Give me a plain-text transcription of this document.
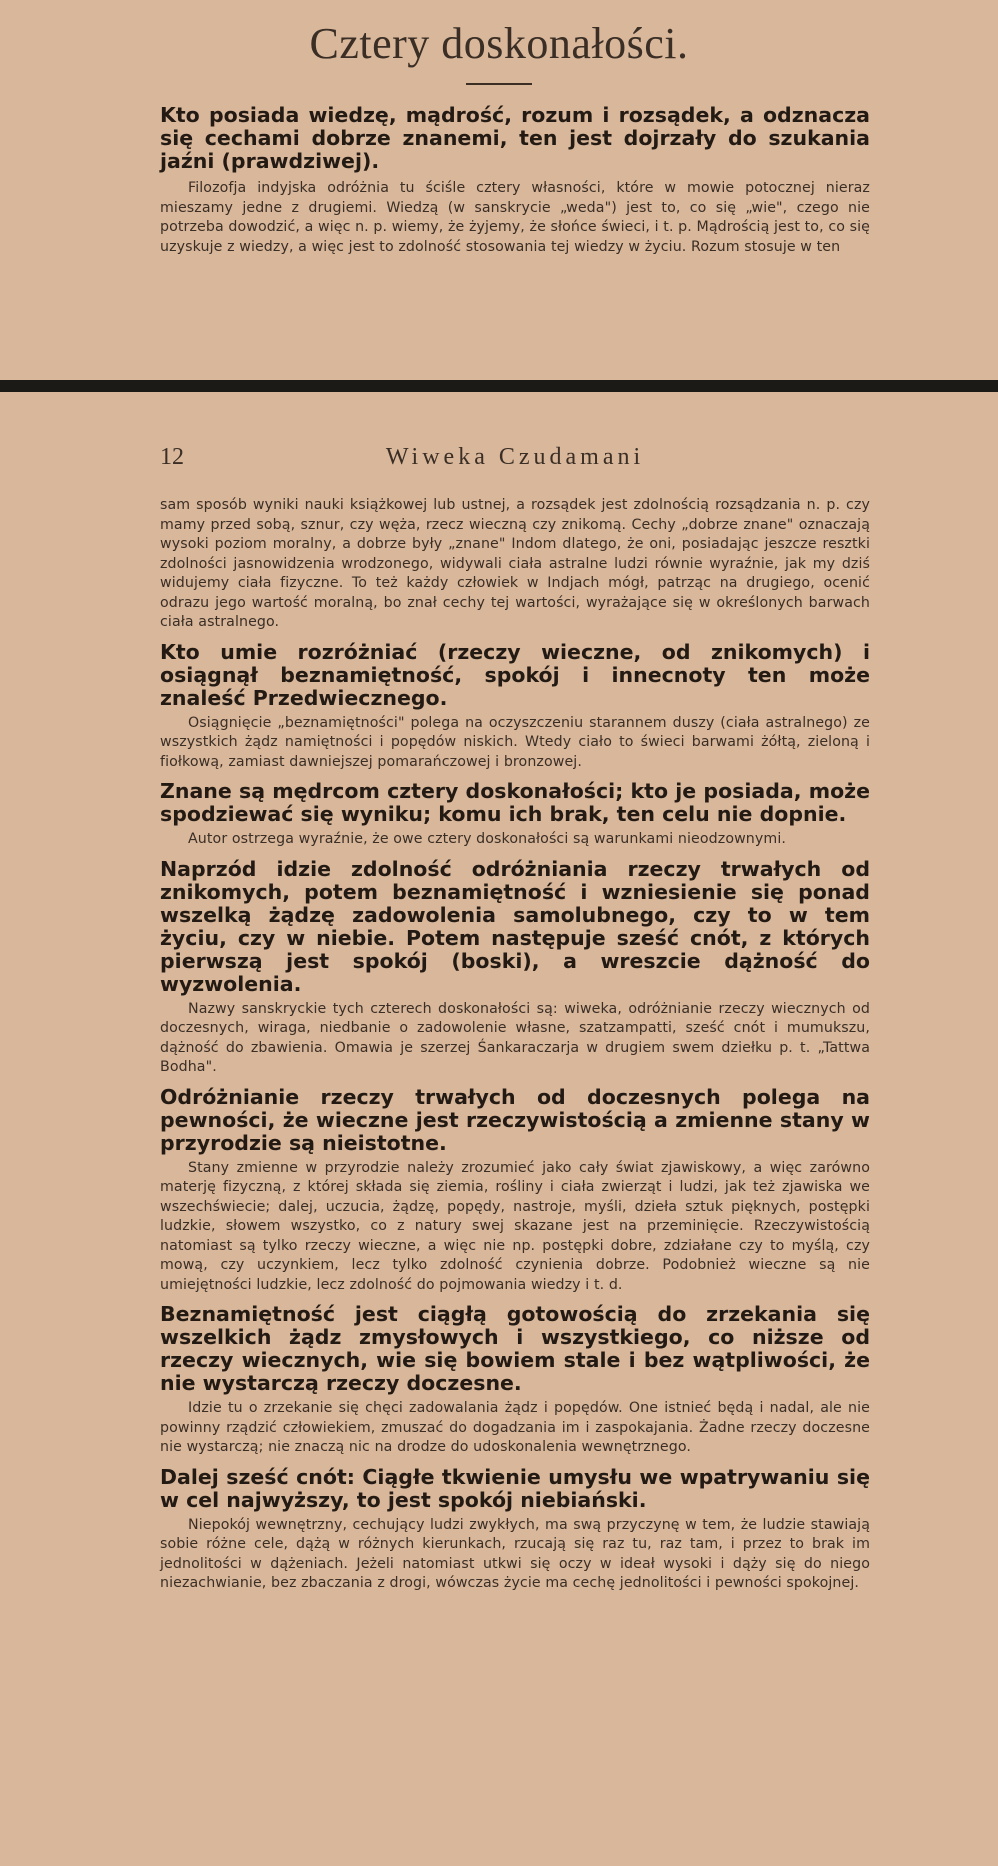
Cztery doskonałości.

Kto posiada wiedzę, mądrość, rozum i rozsądek, a odznacza się cechami dobrze znanemi, ten jest dojrzały do szukania jaźni (prawdziwej).

Filozofja indyjska odróżnia tu ściśle cztery własności, które w mowie potocznej nieraz mieszamy jedne z drugiemi. Wiedzą (w sanskrycie „weda") jest to, co się „wie", czego nie potrzeba dowodzić, a więc n. p. wiemy, że żyjemy, że słońce świeci, i t. p. Mądrością jest to, co się uzyskuje z wiedzy, a więc jest to zdolność stosowania tej wiedzy w życiu. Rozum stosuje w ten

12	Wiweka Czudamani

sam sposób wyniki nauki książkowej lub ustnej, a rozsądek jest zdolnością rozsądzania n. p. czy mamy przed sobą, sznur, czy węża, rzecz wieczną czy znikomą. Cechy „dobrze znane" oznaczają wysoki poziom moralny, a dobrze były „znane" Indom dlatego, że oni, posiadając jeszcze resztki zdolności jasnowidzenia wrodzonego, widywali ciała astralne ludzi równie wyraźnie, jak my dziś widujemy ciała fizyczne. To też każdy człowiek w Indjach mógł, patrząc na drugiego, ocenić odrazu jego wartość moralną, bo znał cechy tej wartości, wyrażające się w określonych barwach ciała astralnego.

Kto umie rozróżniać (rzeczy wieczne, od znikomych) i osiągnął beznamiętność, spokój i innecnoty ten może znaleść Przedwiecznego.

Osiągnięcie „beznamiętności" polega na oczyszczeniu starannem duszy (ciała astralnego) ze wszystkich żądz namiętności i popędów niskich. Wtedy ciało to świeci barwami żółtą, zieloną i fiołkową, zamiast dawniejszej pomarańczowej i bronzowej.

Znane są mędrcom cztery doskonałości; kto je posiada, może spodziewać się wyniku; komu ich brak, ten celu nie dopnie.

Autor ostrzega wyraźnie, że owe cztery doskonałości są warunkami nieodzownymi.

Naprzód idzie zdolność odróżniania rzeczy trwałych od znikomych, potem beznamiętność i wzniesienie się ponad wszelką żądzę zadowolenia samolubnego, czy to w tem życiu, czy w niebie. Potem następuje sześć cnót, z których pierwszą jest spokój (boski), a wreszcie dążność do wyzwolenia.

Nazwy sanskryckie tych czterech doskonałości są: wiweka, odróżnianie rzeczy wiecznych od doczesnych, wiraga, niedbanie o zadowolenie własne, szatzampatti, sześć cnót i mumukszu, dążność do zbawienia. Omawia je szerzej Śankaraczarja w drugiem swem dziełku p. t. „Tattwa Bodha".

Odróżnianie rzeczy trwałych od doczesnych polega na pewności, że wieczne jest rzeczywistością a zmienne stany w przyrodzie są nieistotne.

Stany zmienne w przyrodzie należy zrozumieć jako cały świat zjawiskowy, a więc zarówno materję fizyczną, z której składa się ziemia, rośliny i ciała zwierząt i ludzi, jak też zjawiska we wszechświecie; dalej, uczucia, żądzę, popędy, nastroje, myśli, dzieła sztuk pięknych, postępki ludzkie, słowem wszystko, co z natury swej skazane jest na przeminięcie. Rzeczywistością natomiast są tylko rzeczy wieczne, a więc nie np. postępki dobre, zdziałane czy to myślą, czy mową, czy uczynkiem, lecz tylko zdolność czynienia dobrze. Podobnież wieczne są nie umiejętności ludzkie, lecz zdolność do pojmowania wiedzy i t. d.

Beznamiętność jest ciągłą gotowością do zrzekania się wszelkich żądz zmysłowych i wszystkiego, co niższe od rzeczy wiecznych, wie się bowiem stale i bez wątpliwości, że nie wystarczą rzeczy doczesne.

Idzie tu o zrzekanie się chęci zadowalania żądz i popędów. One istnieć będą i nadal, ale nie powinny rządzić człowiekiem, zmuszać do dogadzania im i zaspokajania. Żadne rzeczy doczesne nie wystarczą; nie znaczą nic na drodze do udoskonalenia wewnętrznego.

Dalej sześć cnót: Ciągłe tkwienie umysłu we wpatrywaniu się w cel najwyższy, to jest spokój niebiański.

Niepokój wewnętrzny, cechujący ludzi zwykłych, ma swą przyczynę w tem, że ludzie stawiają sobie różne cele, dążą w różnych kierunkach, rzucają się raz tu, raz tam, i przez to brak im jednolitości w dążeniach. Jeżeli natomiast utkwi się oczy w ideał wysoki i dąży się do niego niezachwianie, bez zbaczania z drogi, wówczas życie ma cechę jednolitości i pewności spokojnej.
